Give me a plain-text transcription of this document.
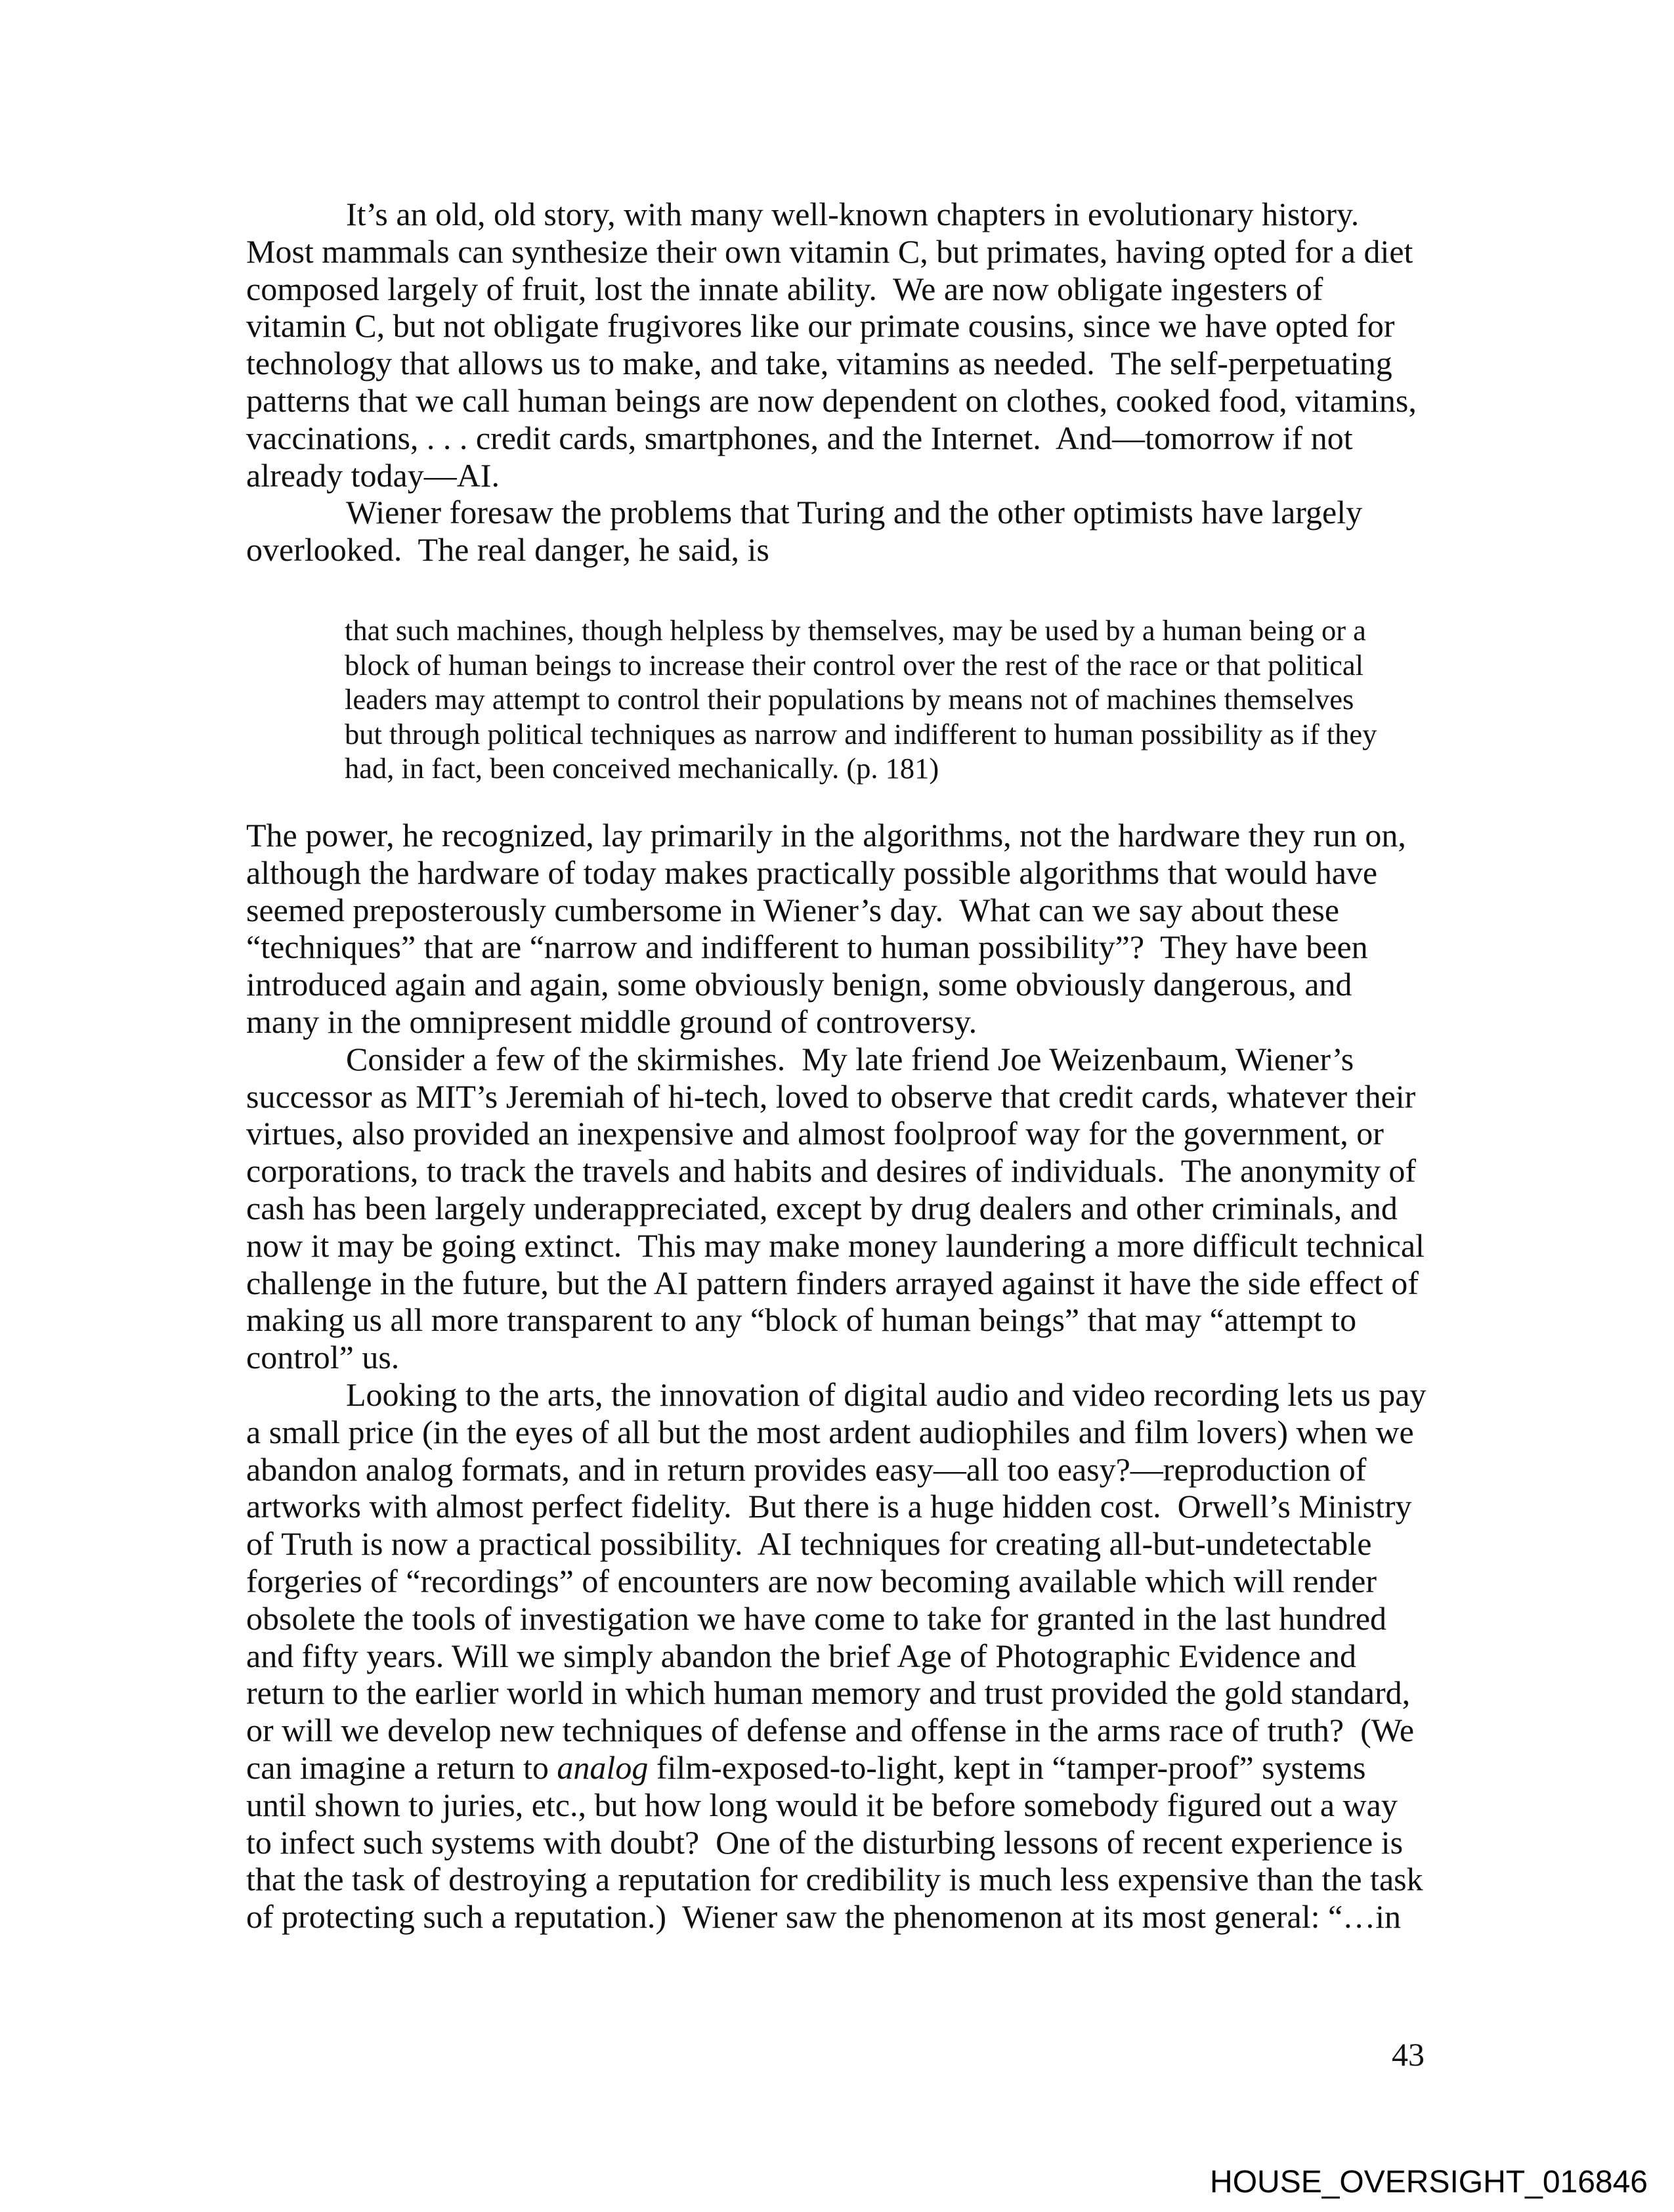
It’s an old, old story, with many well-known chapters in evolutionary history.
Most mammals can synthesize their own vitamin C, but primates, having opted for a diet
composed largely of fruit, lost the innate ability.  We are now obligate ingesters of
vitamin C, but not obligate frugivores like our primate cousins, since we have opted for
technology that allows us to make, and take, vitamins as needed.  The self-perpetuating
patterns that we call human beings are now dependent on clothes, cooked food, vitamins,
vaccinations, . . . credit cards, smartphones, and the Internet.  And—tomorrow if not
already today—AI.
Wiener foresaw the problems that Turing and the other optimists have largely
overlooked.  The real danger, he said, is
that such machines, though helpless by themselves, may be used by a human being or a
block of human beings to increase their control over the rest of the race or that political
leaders may attempt to control their populations by means not of machines themselves
but through political techniques as narrow and indifferent to human possibility as if they
had, in fact, been conceived mechanically. (p. 181)
The power, he recognized, lay primarily in the algorithms, not the hardware they run on,
although the hardware of today makes practically possible algorithms that would have
seemed preposterously cumbersome in Wiener’s day.  What can we say about these
“techniques” that are “narrow and indifferent to human possibility”?  They have been
introduced again and again, some obviously benign, some obviously dangerous, and
many in the omnipresent middle ground of controversy.
Consider a few of the skirmishes.  My late friend Joe Weizenbaum, Wiener’s
successor as MIT’s Jeremiah of hi-tech, loved to observe that credit cards, whatever their
virtues, also provided an inexpensive and almost foolproof way for the government, or
corporations, to track the travels and habits and desires of individuals.  The anonymity of
cash has been largely underappreciated, except by drug dealers and other criminals, and
now it may be going extinct.  This may make money laundering a more difficult technical
challenge in the future, but the AI pattern finders arrayed against it have the side effect of
making us all more transparent to any “block of human beings” that may “attempt to
control” us.
Looking to the arts, the innovation of digital audio and video recording lets us pay
a small price (in the eyes of all but the most ardent audiophiles and film lovers) when we
abandon analog formats, and in return provides easy—all too easy?—reproduction of
artworks with almost perfect fidelity.  But there is a huge hidden cost.  Orwell’s Ministry
of Truth is now a practical possibility.  AI techniques for creating all-but-undetectable
forgeries of “recordings” of encounters are now becoming available which will render
obsolete the tools of investigation we have come to take for granted in the last hundred
and fifty years. Will we simply abandon the brief Age of Photographic Evidence and
return to the earlier world in which human memory and trust provided the gold standard,
or will we develop new techniques of defense and offense in the arms race of truth?  (We
can imagine a return to analog film-exposed-to-light, kept in “tamper-proof” systems
until shown to juries, etc., but how long would it be before somebody figured out a way
to infect such systems with doubt?  One of the disturbing lessons of recent experience is
that the task of destroying a reputation for credibility is much less expensive than the task
of protecting such a reputation.)  Wiener saw the phenomenon at its most general: “…in
43
HOUSE_OVERSIGHT_016846
